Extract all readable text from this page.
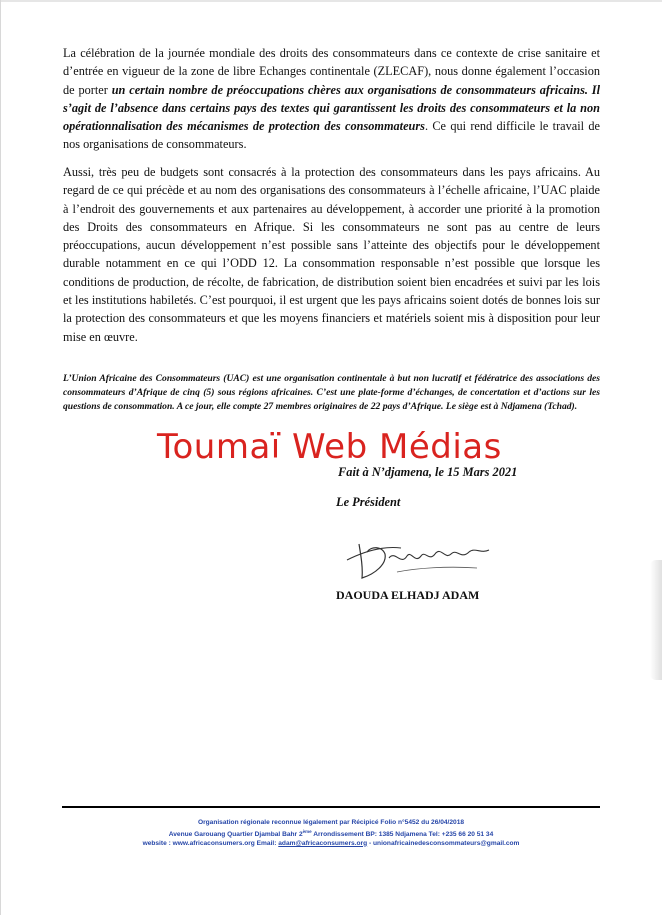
La célébration de la journée mondiale des droits des consommateurs dans ce contexte de crise sanitaire et d’entrée en vigueur de la zone de libre Echanges continentale (ZLECAF), nous donne également l’occasion de porter un certain nombre de préoccupations chères aux organisations de consommateurs africains. Il s’agit de l’absence dans certains pays des textes qui garantissent les droits des consommateurs et la non opérationnalisation des mécanismes de protection des consommateurs. Ce qui rend difficile le travail de nos organisations de consommateurs.

Aussi, très peu de budgets sont consacrés à la protection des consommateurs dans les pays africains. Au regard de ce qui précède et au nom des organisations des consommateurs à l’échelle africaine, l’UAC plaide à l’endroit des gouvernements et aux partenaires au développement, à accorder une priorité à la promotion des Droits des consommateurs en Afrique. Si les consommateurs ne sont pas au centre de leurs préoccupations, aucun développement n’est possible sans l’atteinte des objectifs pour le développement durable notamment en ce qui l’ODD 12. La consommation responsable n’est possible que lorsque les conditions de production, de récolte, de fabrication, de distribution soient bien encadrées et suivi par les lois et les institutions habiletés. C’est pourquoi, il est urgent que les pays africains soient dotés de bonnes lois sur la protection des consommateurs et que les moyens financiers et matériels soient mis à disposition pour leur mise en œuvre.

L’Union Africaine des Consommateurs (UAC) est une organisation continentale à but non lucratif et fédératrice des associations des consommateurs d’Afrique de cinq (5) sous régions africaines. C’est une plate-forme d’échanges, de concertation et d’actions sur les questions de consommation. A ce jour, elle compte 27 membres originaires de 22 pays d’Afrique. Le siège est à Ndjamena (Tchad).

Toumaï Web Médias
Fait à N’djamena, le 15 Mars 2021
Le Président
DAOUDA ELHADJ ADAM
Organisation régionale reconnue légalement par Récipicé Folio n°5452 du 26/04/2018
Avenue Garouang Quartier Djambal Bahr 2ème Arrondissement BP: 1385 Ndjamena Tel: +235 66 20 51 34
website : www.africaconsumers.org Email: adam@africaconsumers.org - unionafricainedesconsommateurs@gmail.com
